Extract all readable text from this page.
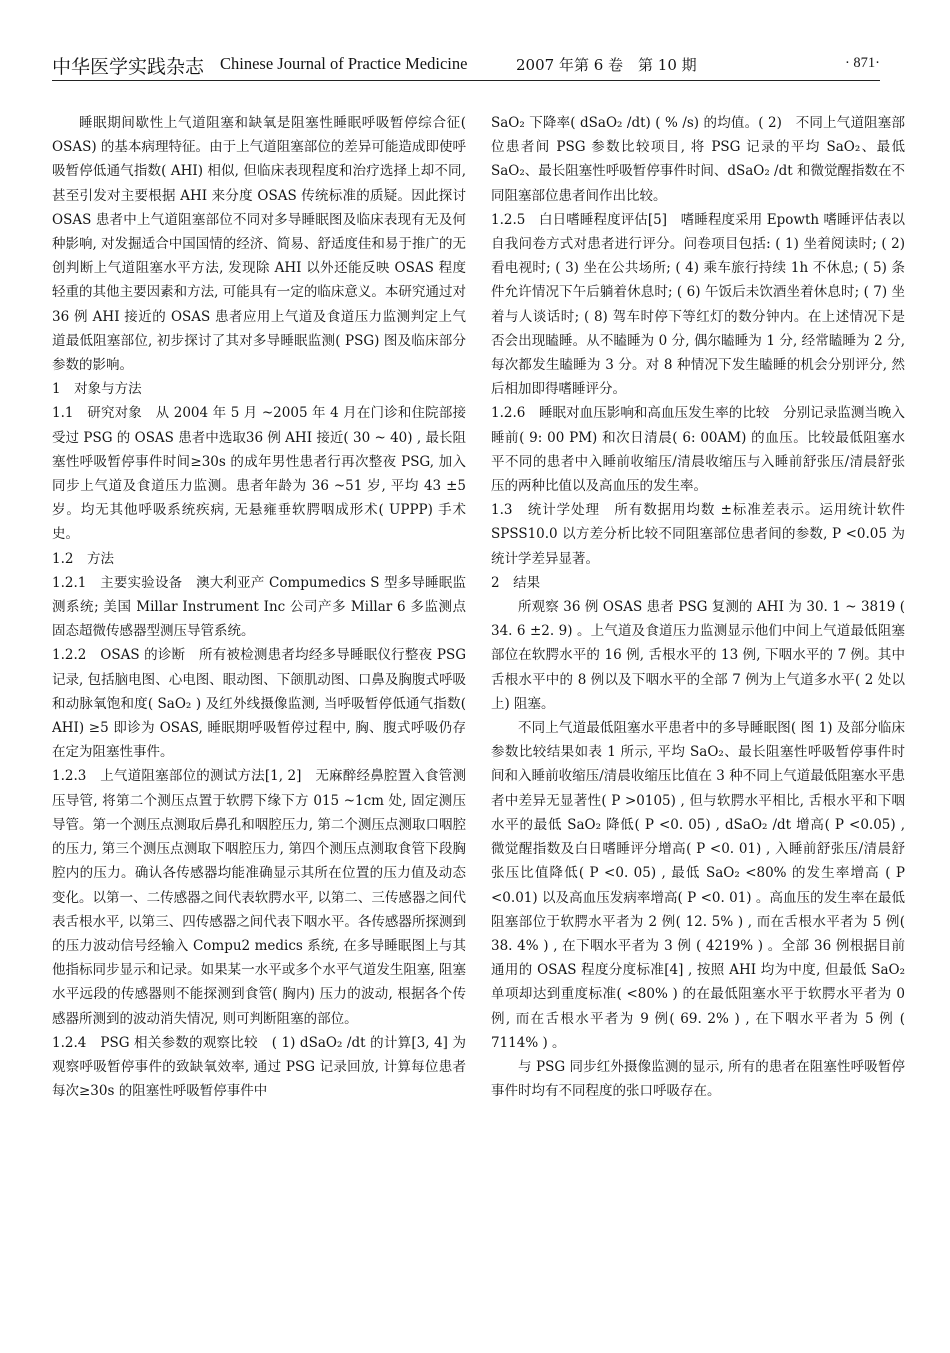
中华医学实践杂志 Chinese Journal of Practice Medicine	2007 年第 6 卷　第 10 期	· 871·

睡眠期间歇性上气道阻塞和缺氧是阻塞性睡眠呼吸暂停综合征( OSAS) 的基本病理特征。由于上气道阻塞部位的差异可能造成即使呼吸暂停低通气指数( AHI) 相似, 但临床表现程度和治疗选择上却不同, 甚至引发对主要根据 AHI 来分度 OSAS 传统标准的质疑。因此探讨 OSAS 患者中上气道阻塞部位不同对多导睡眠图及临床表现有无及何种影响, 对发掘适合中国国情的经济、简易、舒适度佳和易于推广的无创判断上气道阻塞水平方法, 发现除 AHI 以外还能反映 OSAS 程度轻重的其他主要因素和方法, 可能具有一定的临床意义。本研究通过对 36 例 AHI 接近的 OSAS 患者应用上气道及食道压力监测判定上气道最低阻塞部位, 初步探讨了其对多导睡眠监测( PSG) 图及临床部分参数的影响。

1　对象与方法

1.1　研究对象　从 2004 年 5 月 ~2005 年 4 月在门诊和住院部接受过 PSG 的 OSAS 患者中选取36 例 AHI 接近( 30 ~ 40) , 最长阻塞性呼吸暂停事件时间≥30s 的成年男性患者行再次整夜 PSG, 加入同步上气道及食道压力监测。患者年龄为 36 ~51 岁, 平均 43 ±5 岁。均无其他呼吸系统疾病, 无悬雍垂软腭咽成形术( UPPP) 手术史。

1.2　方法

1.2.1　主要实验设备　澳大利亚产 Compumedics S 型多导睡眠监测系统; 美国 Millar Instrument Inc 公司产多 Millar 6 多监测点固态超微传感器型测压导管系统。

1.2.2　OSAS 的诊断　所有被检测患者均经多导睡眠仪行整夜 PSG 记录, 包括脑电图、心电图、眼动图、下颌肌动图、口鼻及胸腹式呼吸和动脉氧饱和度( SaO₂ ) 及红外线摄像监测, 当呼吸暂停低通气指数( AHI) ≥5 即诊为 OSAS, 睡眠期呼吸暂停过程中, 胸、腹式呼吸仍存在定为阻塞性事件。

1.2.3　上气道阻塞部位的测试方法[1, 2]　无麻醉经鼻腔置入食管测压导管, 将第二个测压点置于软腭下缘下方 015 ~1cm 处, 固定测压导管。第一个测压点测取后鼻孔和咽腔压力, 第二个测压点测取口咽腔的压力, 第三个测压点测取下咽腔压力, 第四个测压点测取食管下段胸腔内的压力。确认各传感器均能准确显示其所在位置的压力值及动态变化。以第一、二传感器之间代表软腭水平, 以第二、三传感器之间代表舌根水平, 以第三、四传感器之间代表下咽水平。各传感器所探测到的压力波动信号经输入 Compu2 medics 系统, 在多导睡眠图上与其他指标同步显示和记录。如果某一水平或多个水平气道发生阻塞, 阻塞水平远段的传感器则不能探测到食管( 胸内) 压力的波动, 根据各个传感器所测到的波动消失情况, 则可判断阻塞的部位。

1.2.4　PSG 相关参数的观察比较　( 1) dSaO₂ /dt 的计算[3, 4] 为观察呼吸暂停事件的致缺氧效率, 通过 PSG 记录回放, 计算每位患者每次≥30s 的阻塞性呼吸暂停事件中

SaO₂ 下降率( dSaO₂ /dt) ( % /s) 的均值。( 2)　不同上气道阻塞部位患者间 PSG 参数比较项目, 将 PSG 记录的平均 SaO₂、最低 SaO₂、最长阻塞性呼吸暂停事件时间、dSaO₂ /dt 和微觉醒指数在不同阻塞部位患者间作出比较。

1.2.5　白日嗜睡程度评估[5]　嗜睡程度采用 Epowth 嗜睡评估表以自我问卷方式对患者进行评分。问卷项目包括: ( 1) 坐着阅读时; ( 2) 看电视时; ( 3) 坐在公共场所; ( 4) 乘车旅行持续 1h 不休息; ( 5) 条件允许情况下午后躺着休息时; ( 6) 午饭后未饮酒坐着休息时; ( 7) 坐着与人谈话时; ( 8) 驾车时停下等红灯的数分钟内。在上述情况下是否会出现瞌睡。从不瞌睡为 0 分, 偶尔瞌睡为 1 分, 经常瞌睡为 2 分, 每次都发生瞌睡为 3 分。对 8 种情况下发生瞌睡的机会分别评分, 然后相加即得嗜睡评分。

1.2.6　睡眠对血压影响和高血压发生率的比较　分别记录监测当晚入睡前( 9: 00 PM) 和次日清晨( 6: 00AM) 的血压。比较最低阻塞水平不同的患者中入睡前收缩压/清晨收缩压与入睡前舒张压/清晨舒张压的两种比值以及高血压的发生率。

1.3　统计学处理　所有数据用均数 ±标准差表示。运用统计软件 SPSS10.0 以方差分析比较不同阻塞部位患者间的参数, P <0.05 为统计学差异显著。

2　结果

所观察 36 例 OSAS 患者 PSG 复测的 AHI 为 30. 1 ~ 3819 ( 34. 6 ±2. 9) 。上气道及食道压力监测显示他们中间上气道最低阻塞部位在软腭水平的 16 例, 舌根水平的 13 例, 下咽水平的 7 例。其中舌根水平中的 8 例以及下咽水平的全部 7 例为上气道多水平( 2 处以上) 阻塞。

不同上气道最低阻塞水平患者中的多导睡眠图( 图 1) 及部分临床参数比较结果如表 1 所示, 平均 SaO₂、最长阻塞性呼吸暂停事件时间和入睡前收缩压/清晨收缩压比值在 3 种不同上气道最低阻塞水平患者中差异无显著性( P >0105) , 但与软腭水平相比, 舌根水平和下咽水平的最低 SaO₂ 降低( P <0. 05) , dSaO₂ /dt 增高( P <0.05) , 微觉醒指数及白日嗜睡评分增高( P <0. 01) , 入睡前舒张压/清晨舒张压比值降低( P <0. 05) , 最低 SaO₂ <80% 的发生率增高 ( P <0.01) 以及高血压发病率增高( P <0. 01) 。高血压的发生率在最低阻塞部位于软腭水平者为 2 例( 12. 5% ) , 而在舌根水平者为 5 例( 38. 4% ) , 在下咽水平者为 3 例 ( 4219% ) 。全部 36 例根据目前通用的 OSAS 程度分度标准[4] , 按照 AHI 均为中度, 但最低 SaO₂ 单项却达到重度标准( <80% ) 的在最低阻塞水平于软腭水平者为 0 例, 而在舌根水平者为 9 例( 69. 2% ) , 在下咽水平者为 5 例 ( 7114% ) 。

与 PSG 同步红外摄像监测的显示, 所有的患者在阻塞性呼吸暂停事件时均有不同程度的张口呼吸存在。
